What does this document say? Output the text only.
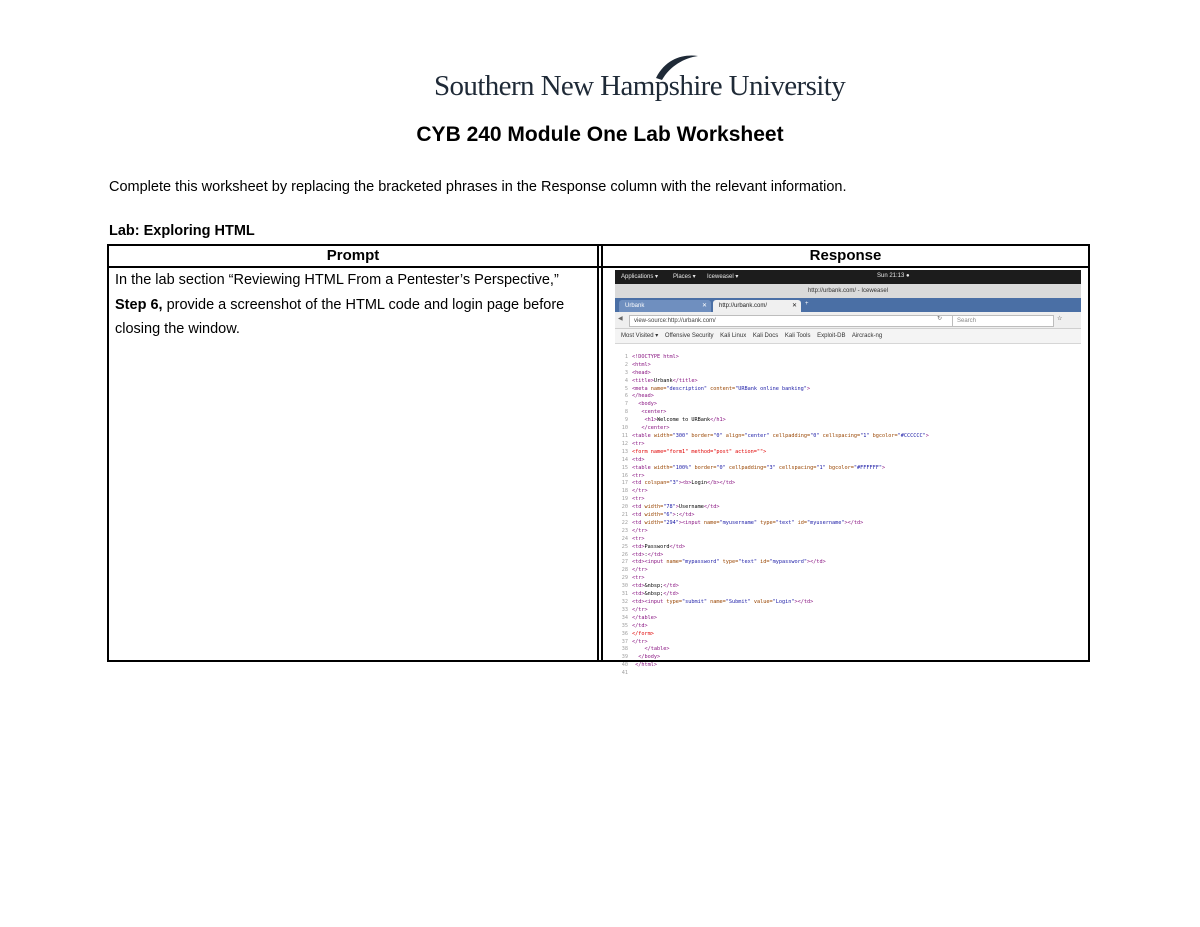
Southern New Hampshire University
CYB 240 Module One Lab Worksheet
Complete this worksheet by replacing the bracketed phrases in the Response column with the relevant information.
Lab: Exploring HTML
Prompt	Response
In the lab section “Reviewing HTML From a Pentester’s Perspective,”
Step 6, provide a screenshot of the HTML code and login page before closing the window.
Applications ▾ Places ▾ Iceweasel ▾	Sun 21:13 ●
http://urbank.com/ - Iceweasel
Urbank	✕	http://urbank.com/	✕ +
◀	view-source:http://urbank.com/	↻	Search	☆
Most Visited ▾ Offensive Security Kali Linux Kali Docs Kali Tools Exploit-DB Aircrack-ng

1 <!DOCTYPE html>
2 <html>
3 <head>
4 <title>Urbank</title>
5 <meta name="description" content="URBank online banking">
6 </head>
7 <body>
8	<center>
9	<h1>Welcome to URBank</h1>
10	</center>
11 <table width="300" border="0" align="center" cellpadding="0" cellspacing="1" bgcolor="#CCCCCC">
12 <tr>
13 <form name="form1" method="post" action="">
14 <td>
15 <table width="100%" border="0" cellpadding="3" cellspacing="1" bgcolor="#FFFFFF">
16 <tr>
17 <td colspan="3"><b>Login</b></td>
18 </tr>
19 <tr>
20 <td width="78">Username</td>
21 <td width="6">:</td>
22 <td width="294"><input name="myusername" type="text" id="myusername"></td>
23 </tr>
24 <tr>
25 <td>Password</td>
26 <td>:</td>
27 <td><input name="mypassword" type="text" id="mypassword"></td>
28 </tr>
29 <tr>
30 <td>&nbsp;</td>
31 <td>&nbsp;</td>
32 <td><input type="submit" name="Submit" value="Login"></td>
33 </tr>
34 </table>
35 </td>
36 </form>
37 </tr>
38	</table>
39 </body>
40 </html>
41
